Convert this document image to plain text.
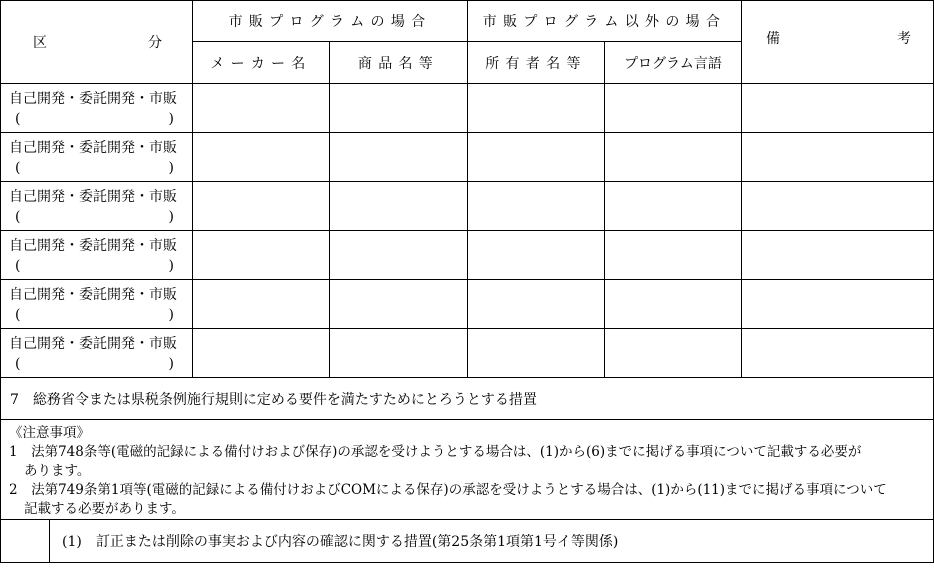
区 分	市販プログラムの場合		市販プログラム以外の場合		備 考

	メーカー名	商品名等	所有者名等	プログラム言語	

自己開発・委託開発・市販
( )					

自己開発・委託開発・市販
( )					

自己開発・委託開発・市販
( )					

自己開発・委託開発・市販
( )					

自己開発・委託開発・市販
( )					

自己開発・委託開発・市販
( )					

7　総務省令または県税条例施行規則に定める要件を満たすためにとろうとする措置					

《注意事項》
1　法第748条等(電磁的記録による備付けおよび保存)の承認を受けようとする場合は、(1)から(6)までに掲げる事項について記載する必要が
あります。
2　法第749条第1項等(電磁的記録による備付けおよびCOMによる保存)の承認を受けようとする場合は、(1)から(11)までに掲げる事項について
記載する必要があります。					

(1)　訂正または削除の事実および内容の確認に関する措置(第25条第1項第1号イ等関係)					
